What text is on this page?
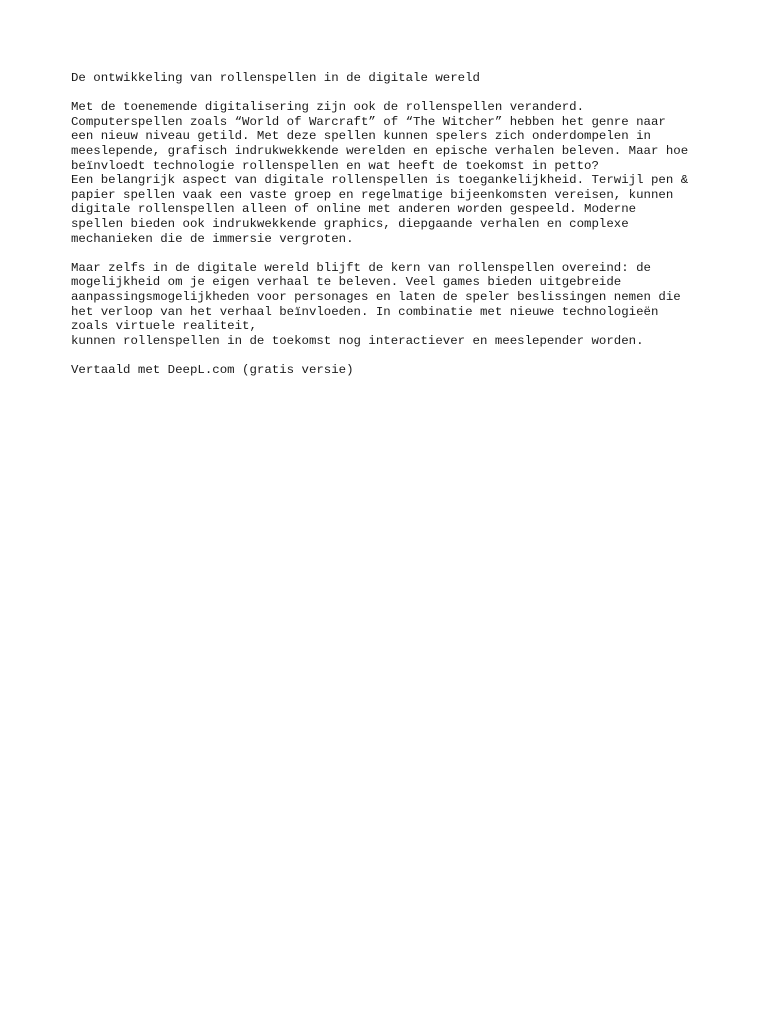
De ontwikkeling van rollenspellen in de digitale wereld
Met de toenemende digitalisering zijn ook de rollenspellen veranderd.
Computerspellen zoals “World of Warcraft” of “The Witcher” hebben het genre naar
een nieuw niveau getild. Met deze spellen kunnen spelers zich onderdompelen in
meeslepende, grafisch indrukwekkende werelden en epische verhalen beleven. Maar hoe
beïnvloedt technologie rollenspellen en wat heeft de toekomst in petto?
Een belangrijk aspect van digitale rollenspellen is toegankelijkheid. Terwijl pen &
papier spellen vaak een vaste groep en regelmatige bijeenkomsten vereisen, kunnen
digitale rollenspellen alleen of online met anderen worden gespeeld. Moderne
spellen bieden ook indrukwekkende graphics, diepgaande verhalen en complexe
mechanieken die de immersie vergroten.
Maar zelfs in de digitale wereld blijft de kern van rollenspellen overeind: de
mogelijkheid om je eigen verhaal te beleven. Veel games bieden uitgebreide
aanpassingsmogelijkheden voor personages en laten de speler beslissingen nemen die
het verloop van het verhaal beïnvloeden. In combinatie met nieuwe technologieën
zoals virtuele realiteit,
kunnen rollenspellen in de toekomst nog interactiever en meeslepender worden.
Vertaald met DeepL.com (gratis versie)
